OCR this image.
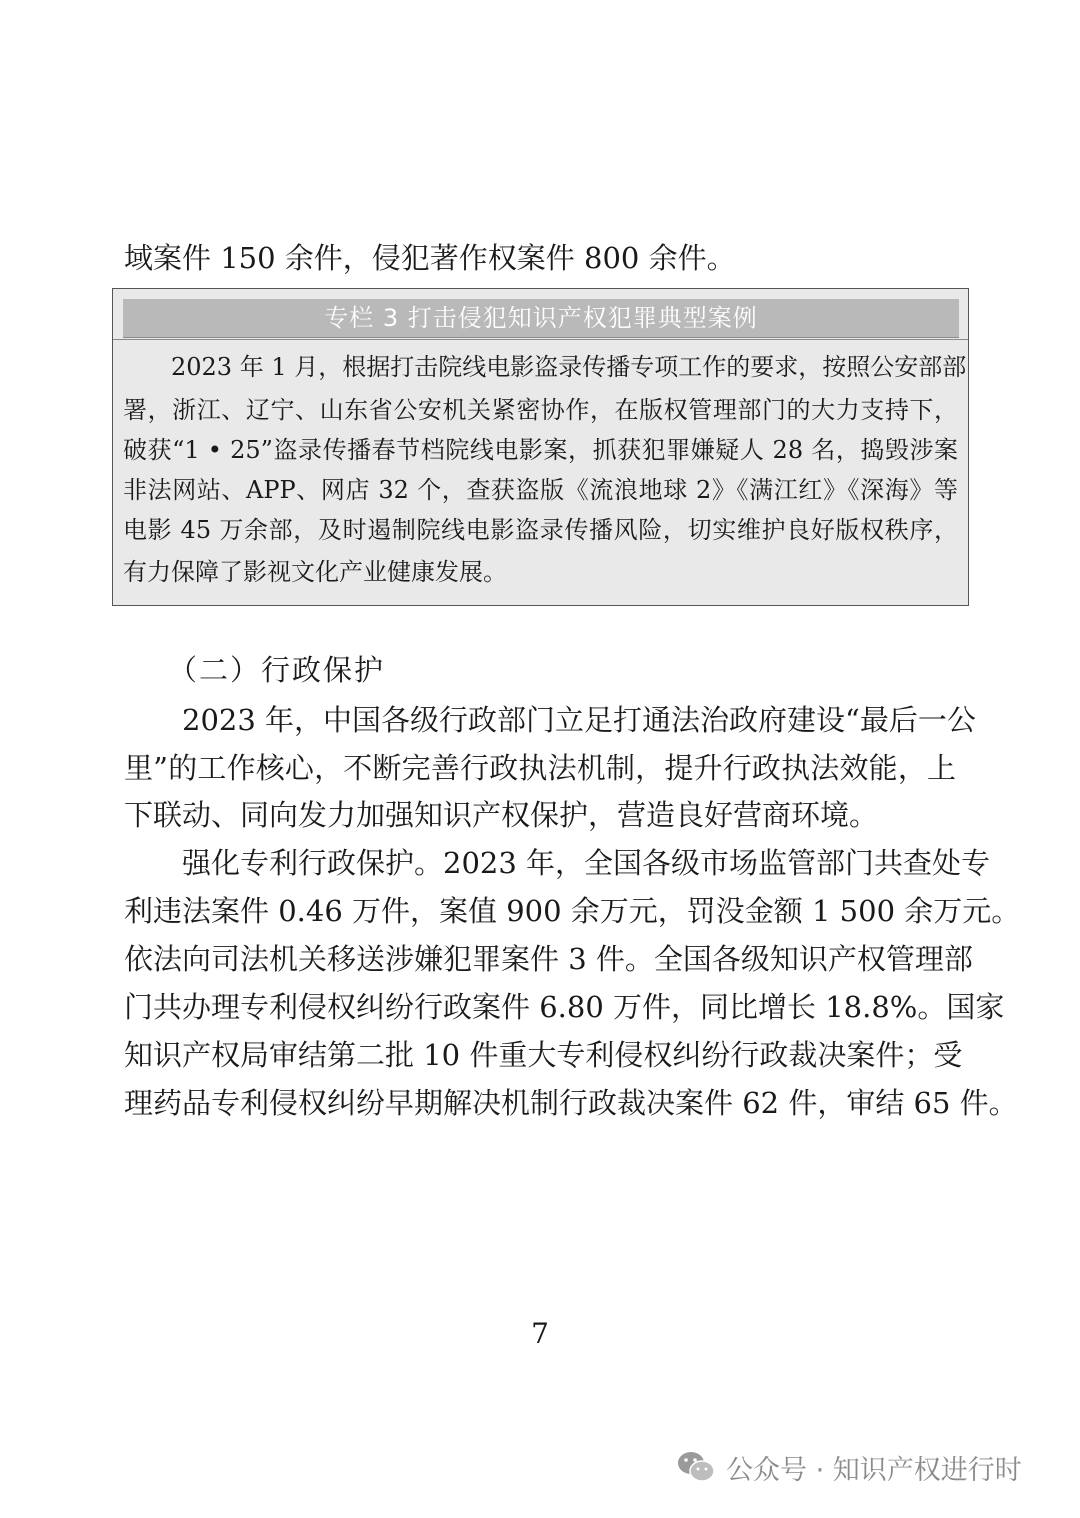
域案件 150 余件，侵犯著作权案件 800 余件。
专栏 3 打击侵犯知识产权犯罪典型案例
2023 年 1 月，根据打击院线电影盗录传播专项工作的要求，按照公安部部
署，浙江、辽宁、山东省公安机关紧密协作，在版权管理部门的大力支持下，
破获“1 • 25”盗录传播春节档院线电影案，抓获犯罪嫌疑人 28 名，捣毁涉案
非法网站、APP、网店 32 个，查获盗版《流浪地球 2》《满江红》《深海》等
电影 45 万余部，及时遏制院线电影盗录传播风险，切实维护良好版权秩序，
有力保障了影视文化产业健康发展。
（二）行政保护
2023 年，中国各级行政部门立足打通法治政府建设“最后一公
里”的工作核心，不断完善行政执法机制，提升行政执法效能，上
下联动、同向发力加强知识产权保护，营造良好营商环境。
强化专利行政保护。2023 年，全国各级市场监管部门共查处专
利违法案件 0.46 万件，案值 900 余万元，罚没金额 1 500 余万元。
依法向司法机关移送涉嫌犯罪案件 3 件。全国各级知识产权管理部
门共办理专利侵权纠纷行政案件 6.80 万件，同比增长 18.8%。国家
知识产权局审结第二批 10 件重大专利侵权纠纷行政裁决案件；受
理药品专利侵权纠纷早期解决机制行政裁决案件 62 件，审结 65 件。
7
公众号 · 知识产权进行时
